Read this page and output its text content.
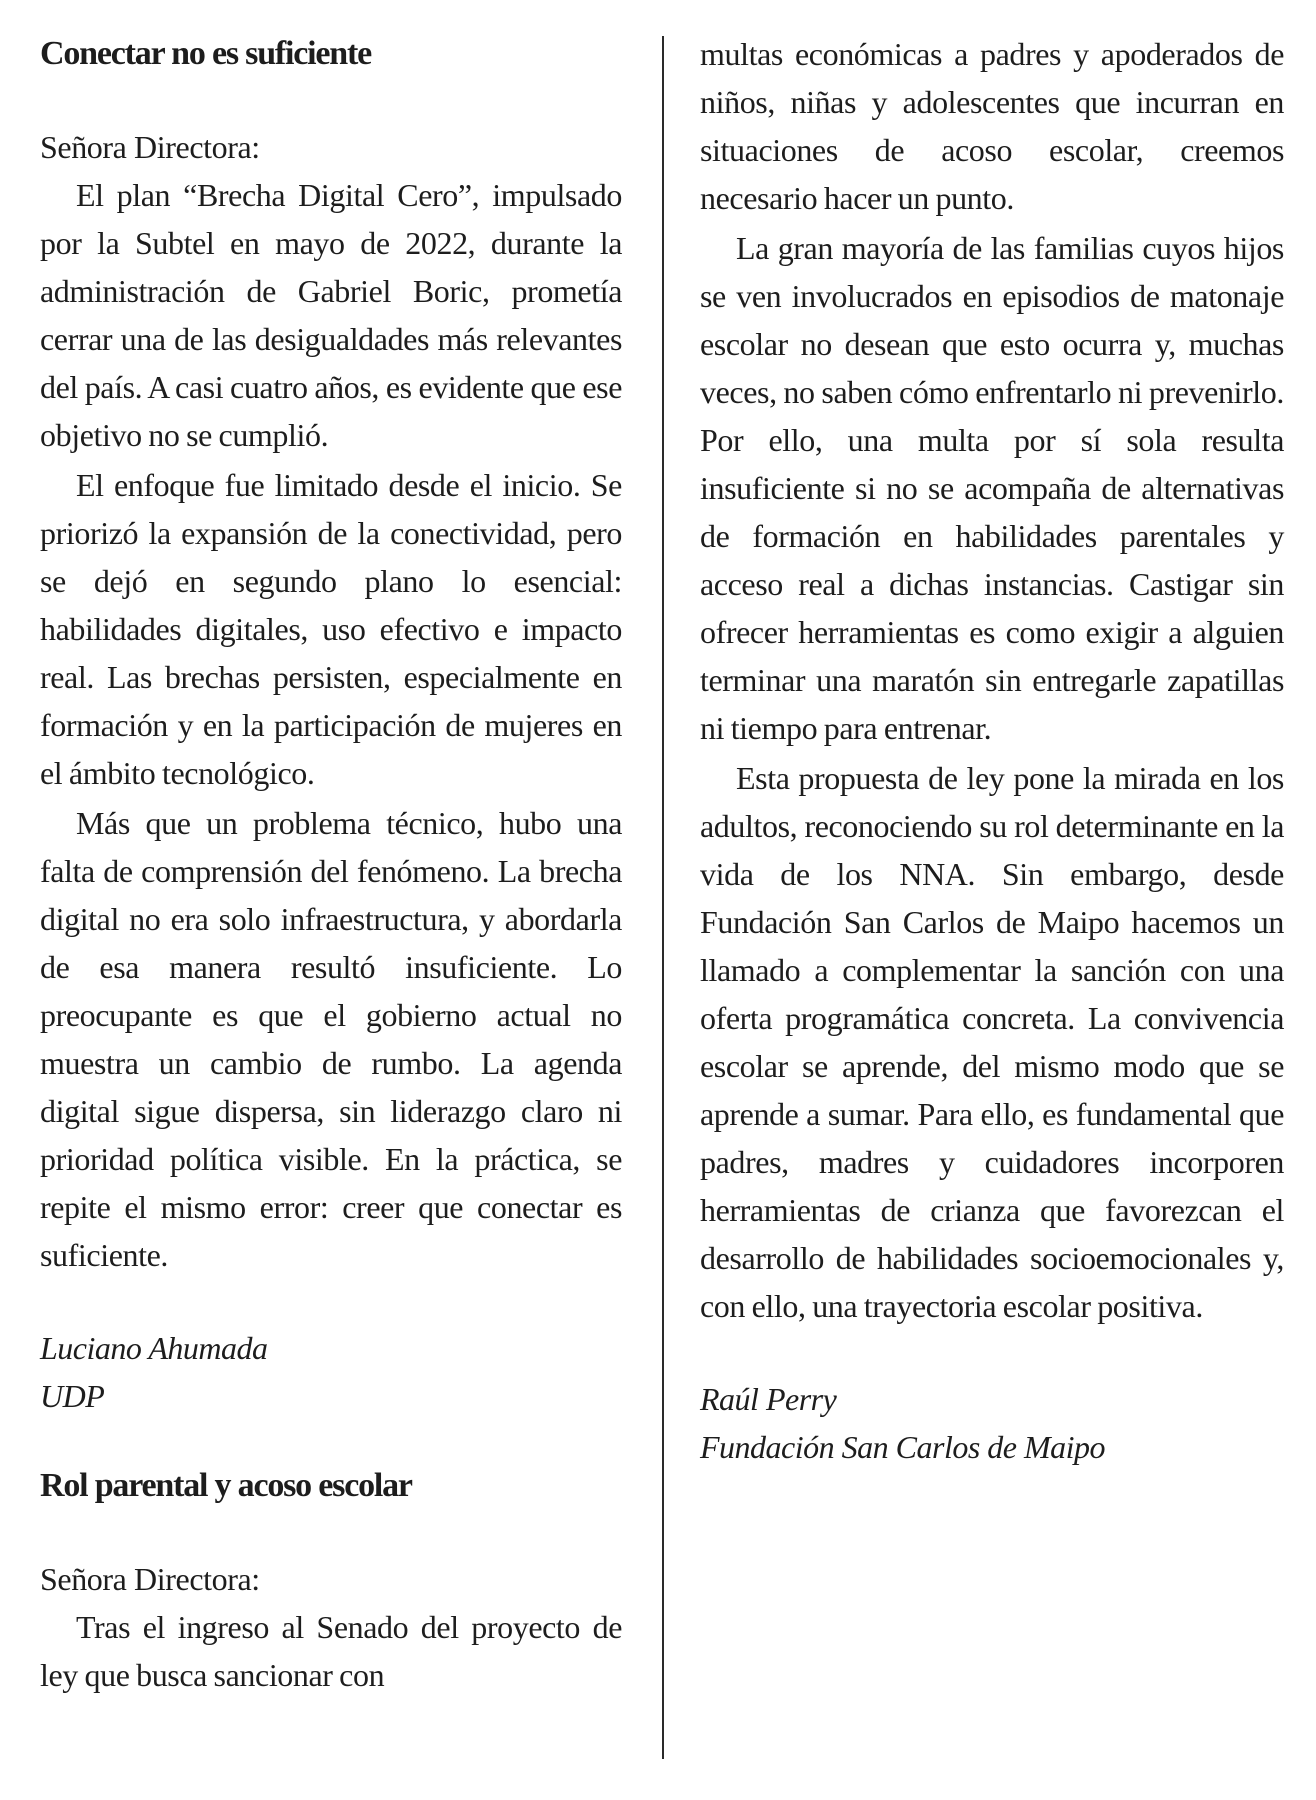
Conectar no es suficiente

Señora Directora:

El plan “Brecha Digital Cero”, impulsado por la Subtel en mayo de 2022, durante la administración de Gabriel Boric, prometía cerrar una de las desigualdades más relevantes del país. A casi cuatro años, es evidente que ese objetivo no se cumplió.

El enfoque fue limitado desde el inicio. Se priorizó la expansión de la conectividad, pero se dejó en segundo plano lo esencial: habilidades digitales, uso efectivo e impacto real. Las brechas persisten, especialmente en formación y en la participación de mujeres en el ámbito tecnológico.

Más que un problema técnico, hubo una falta de comprensión del fenómeno. La brecha digital no era solo infraestructura, y abordarla de esa manera resultó insuficiente. Lo preocupante es que el gobierno actual no muestra un cambio de rumbo. La agenda digital sigue dispersa, sin liderazgo claro ni prioridad política visible. En la práctica, se repite el mismo error: creer que conectar es suficiente.

Luciano Ahumada

UDP

Rol parental y acoso escolar

Señora Directora:

Tras el ingreso al Senado del proyecto de ley que busca sancionar con

multas económicas a padres y apoderados de niños, niñas y adolescentes que incurran en situaciones de acoso escolar, creemos necesario hacer un punto.

La gran mayoría de las familias cuyos hijos se ven involucrados en episodios de matonaje escolar no desean que esto ocurra y, muchas veces, no saben cómo enfrentarlo ni prevenirlo. Por ello, una multa por sí sola resulta insuficiente si no se acompaña de alternativas de formación en habilidades parentales y acceso real a dichas instancias. Castigar sin ofrecer herramientas es como exigir a alguien terminar una maratón sin entregarle zapatillas ni tiempo para entrenar.

Esta propuesta de ley pone la mirada en los adultos, reconociendo su rol determinante en la vida de los NNA. Sin embargo, desde Fundación San Carlos de Maipo hacemos un llamado a complementar la sanción con una oferta programática concreta. La convivencia escolar se aprende, del mismo modo que se aprende a sumar. Para ello, es fundamental que padres, madres y cuidadores incorporen herramientas de crianza que favorezcan el desarrollo de habilidades socioemocionales y, con ello, una trayectoria escolar positiva.

Raúl Perry

Fundación San Carlos de Maipo
